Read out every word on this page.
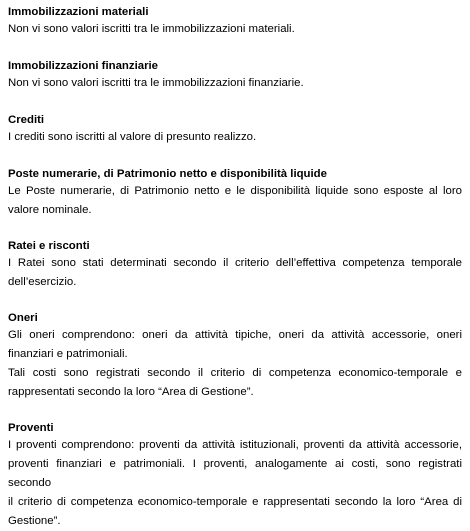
Immobilizzazioni materiali
Non vi sono valori iscritti tra le immobilizzazioni materiali.
Immobilizzazioni finanziarie
Non vi sono valori iscritti tra le immobilizzazioni finanziarie.
Crediti
I crediti sono iscritti al valore di presunto realizzo.
Poste numerarie, di Patrimonio netto e disponibilità liquide
Le Poste numerarie, di Patrimonio netto e le disponibilità liquide sono esposte al loro
valore nominale.
Ratei e risconti
I Ratei sono stati determinati secondo il criterio dell’effettiva competenza temporale
dell’esercizio.
Oneri
Gli oneri comprendono: oneri da attività tipiche, oneri da attività accessorie, oneri
finanziari e patrimoniali.
Tali costi sono registrati secondo il criterio di competenza economico-temporale e
rappresentati secondo la loro “Area di Gestione”.
Proventi
I proventi comprendono: proventi da attività istituzionali, proventi da attività accessorie,
proventi finanziari e patrimoniali. I proventi, analogamente ai costi, sono registrati secondo
il criterio di competenza economico-temporale e rappresentati secondo la loro “Area di
Gestione”.
